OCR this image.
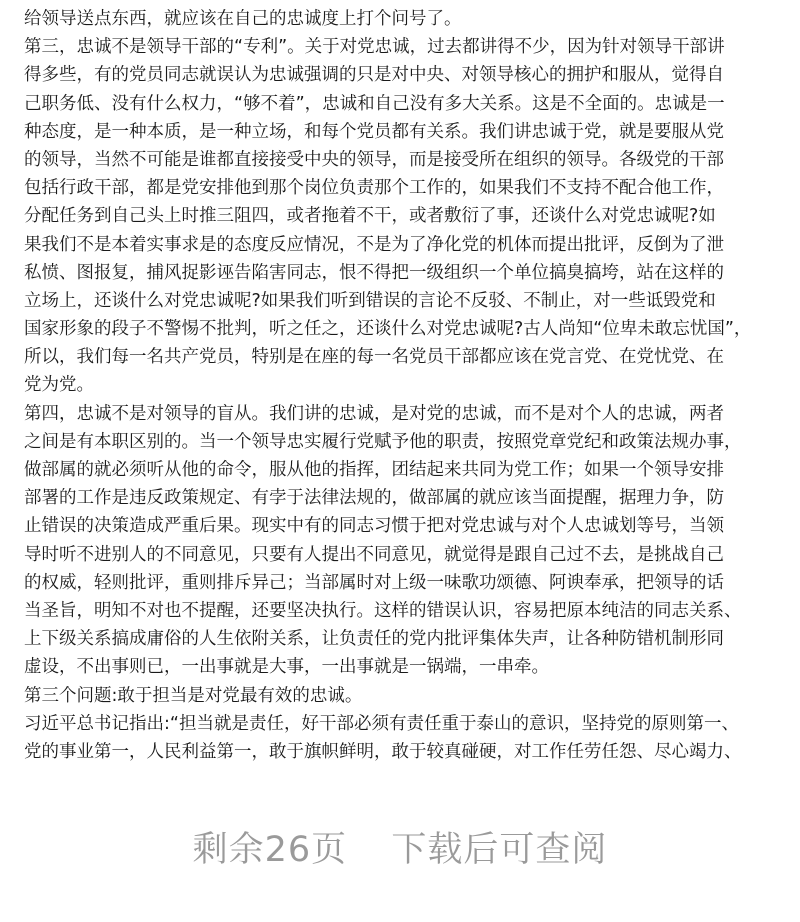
给领导送点东西，就应该在自己的忠诚度上打个问号了。
第三，忠诚不是领导干部的“专利”。关于对党忠诚，过去都讲得不少，因为针对领导干部讲
得多些，有的党员同志就误认为忠诚强调的只是对中央、对领导核心的拥护和服从，觉得自
己职务低、没有什么权力，“够不着”，忠诚和自己没有多大关系。这是不全面的。忠诚是一
种态度，是一种本质，是一种立场，和每个党员都有关系。我们讲忠诚于党，就是要服从党
的领导，当然不可能是谁都直接接受中央的领导，而是接受所在组织的领导。各级党的干部
包括行政干部，都是党安排他到那个岗位负责那个工作的，如果我们不支持不配合他工作，
分配任务到自己头上时推三阻四，或者拖着不干，或者敷衍了事，还谈什么对党忠诚呢?如
果我们不是本着实事求是的态度反应情况，不是为了净化党的机体而提出批评，反倒为了泄
私愤、图报复，捕风捉影诬告陷害同志，恨不得把一级组织一个单位搞臭搞垮，站在这样的
立场上，还谈什么对党忠诚呢?如果我们听到错误的言论不反驳、不制止，对一些诋毁党和
国家形象的段子不警惕不批判，听之任之，还谈什么对党忠诚呢?古人尚知“位卑未敢忘忧国”，
所以，我们每一名共产党员，特别是在座的每一名党员干部都应该在党言党、在党忧党、在
党为党。
第四，忠诚不是对领导的盲从。我们讲的忠诚，是对党的忠诚，而不是对个人的忠诚，两者
之间是有本职区别的。当一个领导忠实履行党赋予他的职责，按照党章党纪和政策法规办事，
做部属的就必须听从他的命令，服从他的指挥，团结起来共同为党工作；如果一个领导安排
部署的工作是违反政策规定、有孛于法律法规的，做部属的就应该当面提醒，据理力争，防
止错误的决策造成严重后果。现实中有的同志习惯于把对党忠诚与对个人忠诚划等号，当领
导时听不进别人的不同意见，只要有人提出不同意见，就觉得是跟自己过不去，是挑战自己
的权威，轻则批评，重则排斥异己；当部属时对上级一味歌功颂德、阿谀奉承，把领导的话
当圣旨，明知不对也不提醒，还要坚决执行。这样的错误认识，容易把原本纯洁的同志关系、
上下级关系搞成庸俗的人生依附关系，让负责任的党内批评集体失声，让各种防错机制形同
虚设，不出事则已，一出事就是大事，一出事就是一锅端，一串牵。
第三个问题:敢于担当是对党最有效的忠诚。
习近平总书记指出:“担当就是责任，好干部必须有责任重于泰山的意识，坚持党的原则第一、
党的事业第一，人民利益第一，敢于旗帜鲜明，敢于较真碰硬，对工作任劳任怨、尽心竭力、
剩余26页 下载后可查阅
